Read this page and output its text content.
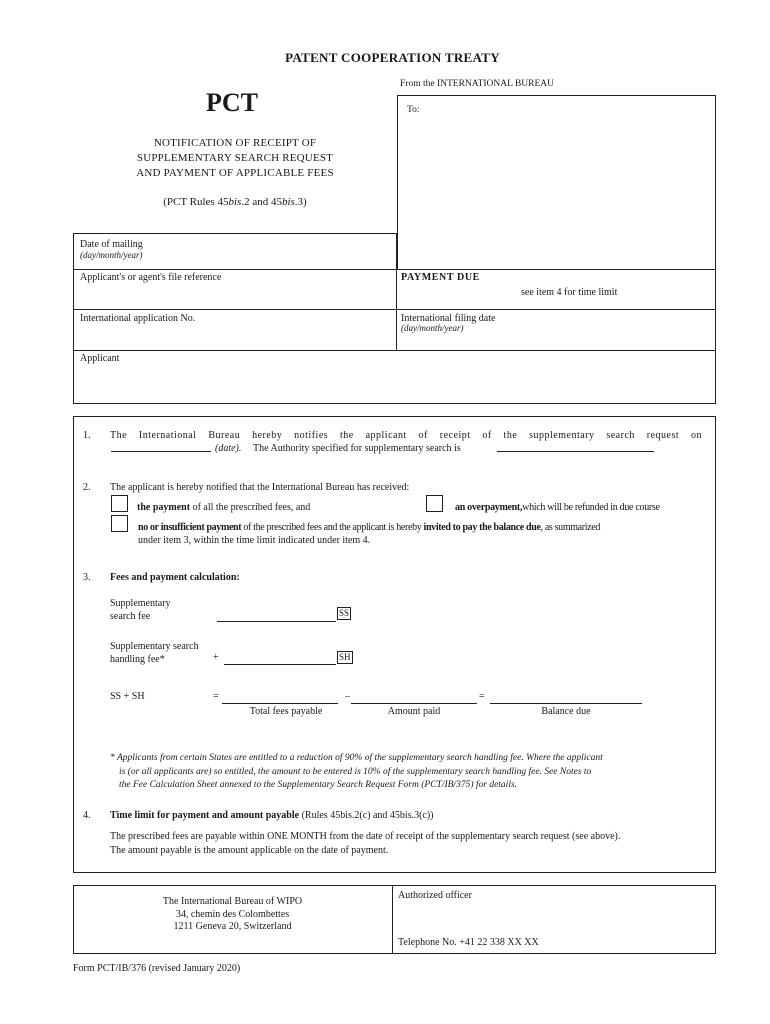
PATENT COOPERATION TREATY
PCT
NOTIFICATION OF RECEIPT OF
SUPPLEMENTARY SEARCH REQUEST
AND PAYMENT OF APPLICABLE FEES
(PCT Rules 45bis.2 and 45bis.3)
From the INTERNATIONAL BUREAU
To:
Date of mailing
(day/month/year)
Applicant's or agent's file reference	PAYMENT DUE
see item 4 for time limit
International application No.	International filing date
(day/month/year)
Applicant
1. The International Bureau hereby notifies the applicant of receipt of the supplementary search request on
(date). The Authority specified for supplementary search is
2. The applicant is hereby notified that the International Bureau has received:
the payment of all the prescribed fees, and	an overpayment,which will be refunded in due course
no or insufficient payment of the prescribed fees and the applicant is hereby invited to pay the balance due, as summarized
under item 3, within the time limit indicated under item 4.
3. Fees and payment calculation:
Supplementary
search fee	SS
Supplementary search
handling fee*	+	SH
SS + SH	=	–	=
Total fees payable	Amount paid	Balance due
* Applicants from certain States are entitled to a reduction of 90% of the supplementary search handling fee. Where the applicant
is (or all applicants are) so entitled, the amount to be entered is 10% of the supplementary search handling fee. See Notes to
the Fee Calculation Sheet annexed to the Supplementary Search Request Form (PCT/IB/375) for details.
4. Time limit for payment and amount payable (Rules 45bis.2(c) and 45bis.3(c))
The prescribed fees are payable within ONE MONTH from the date of receipt of the supplementary search request (see above).
The amount payable is the amount applicable on the date of payment.
The International Bureau of WIPO
34, chemin des Colombettes
1211 Geneva 20, Switzerland
Authorized officer
Telephone No. +41 22 338 XX XX
Form PCT/IB/376 (revised January 2020)
